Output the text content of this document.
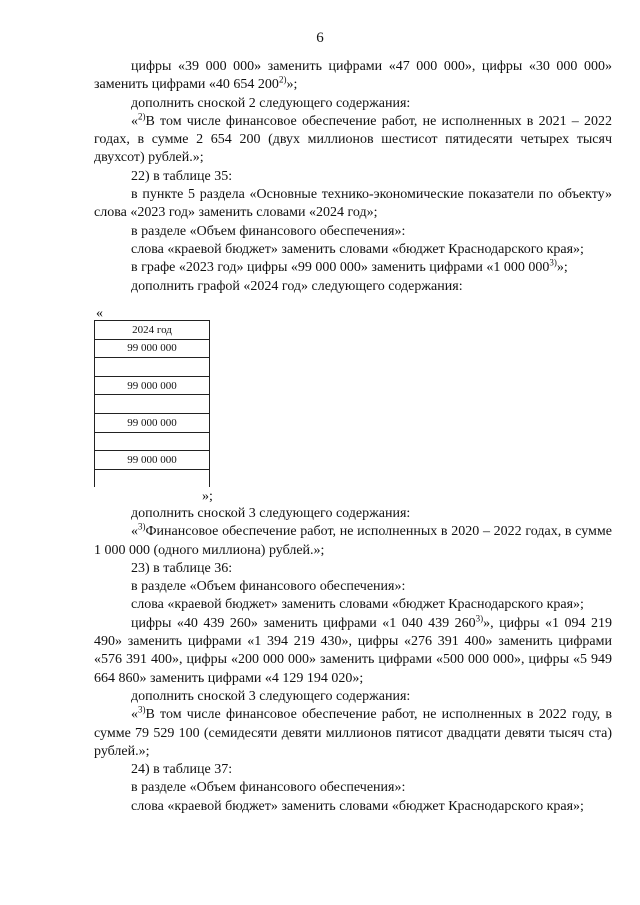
6

цифры «39 000 000» заменить цифрами «47 000 000», цифры «30 000 000» заменить цифрами «40 654 200$^{2)}$»;

дополнить сноской 2 следующего содержания:

«$^{2)}$В том числе финансовое обеспечение работ, не исполненных в 2021 – 2022 годах, в сумме 2 654 200 (двух миллионов шестисот пятидесяти четырех тысяч двухсот) рублей.»;

22) в таблице 35:

в пункте 5 раздела «Основные технико-экономические показатели по объекту» слова «2023 год» заменить словами «2024 год»;

в разделе «Объем финансового обеспечения»:

слова «краевой бюджет» заменить словами «бюджет Краснодарского края»;

в графе «2023 год» цифры «99 000 000» заменить цифрами «1 000 000$^{3)}$»;

дополнить графой «2024 год» следующего содержания:

«
2024 год
99 000 000

99 000 000

99 000 000

99 000 000

»;

дополнить сноской 3 следующего содержания:

«$^{3)}$Финансовое обеспечение работ, не исполненных в 2020 – 2022 годах, в сумме 1 000 000 (одного миллиона) рублей.»;

23) в таблице 36:

в разделе «Объем финансового обеспечения»:

слова «краевой бюджет» заменить словами «бюджет Краснодарского края»;

цифры «40 439 260» заменить цифрами «1 040 439 260$^{3)}$», цифры «1 094 219 490» заменить цифрами «1 394 219 430», цифры «276 391 400» заменить цифрами «576 391 400», цифры «200 000 000» заменить цифрами «500 000 000», цифры «5 949 664 860» заменить цифрами «4 129 194 020»;

дополнить сноской 3 следующего содержания:

«$^{3)}$В том числе финансовое обеспечение работ, не исполненных в 2022 году, в сумме 79 529 100 (семидесяти девяти миллионов пятисот двадцати девяти тысяч ста) рублей.»;

24) в таблице 37:

в разделе «Объем финансового обеспечения»:

слова «краевой бюджет» заменить словами «бюджет Краснодарского края»;
